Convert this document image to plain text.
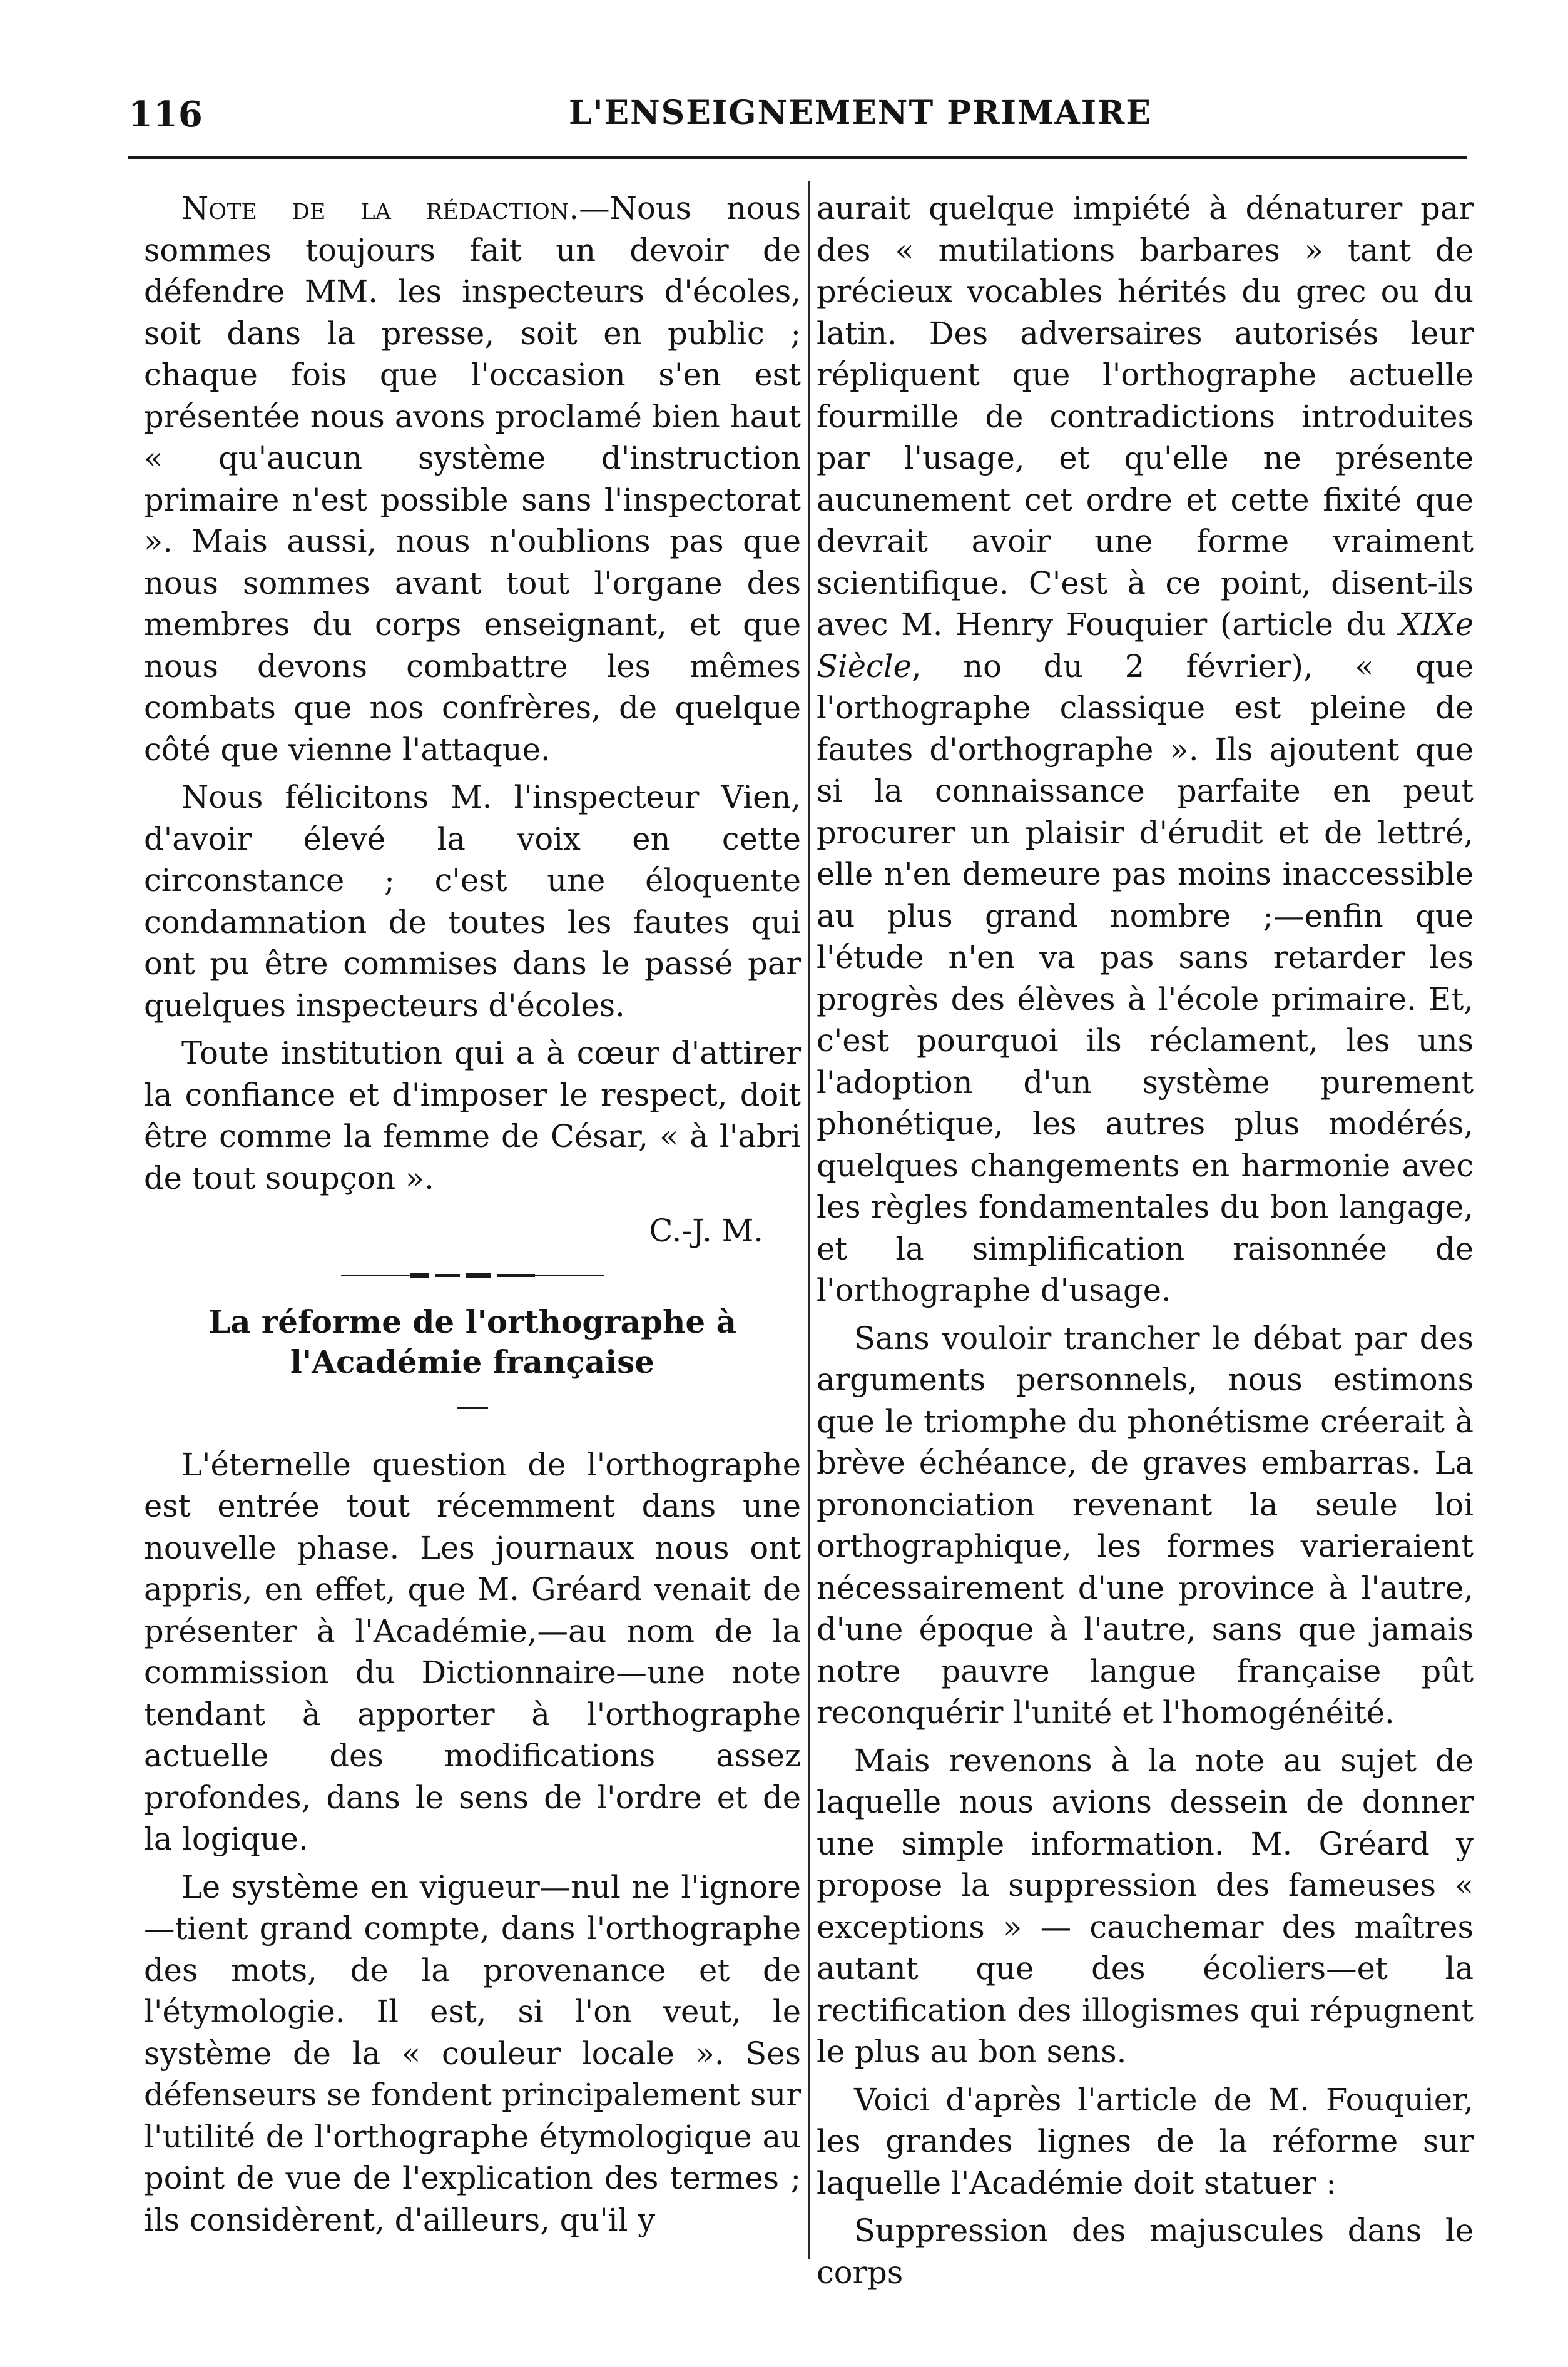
116	L'ENSEIGNEMENT PRIMAIRE

Note de la rédaction.—Nous nous sommes toujours fait un devoir de défendre MM. les inspecteurs d'écoles, soit dans la presse, soit en public ; chaque fois que l'occasion s'en est présentée nous avons proclamé bien haut « qu'aucun système d'instruction primaire n'est possible sans l'inspectorat ». Mais aussi, nous n'oublions pas que nous sommes avant tout l'organe des membres du corps enseignant, et que nous devons combattre les mêmes combats que nos confrères, de quelque côté que vienne l'attaque.

Nous félicitons M. l'inspecteur Vien, d'avoir élevé la voix en cette circonstance ; c'est une éloquente condamnation de toutes les fautes qui ont pu être commises dans le passé par quelques inspecteurs d'écoles.

Toute institution qui a à cœur d'attirer la confiance et d'imposer le respect, doit être comme la femme de César, « à l'abri de tout soupçon ».

C.-J. M.
La réforme de l'orthographe à l'Académie française

L'éternelle question de l'orthographe est entrée tout récemment dans une nouvelle phase. Les journaux nous ont appris, en effet, que M. Gréard venait de présenter à l'Académie,—au nom de la commission du Dictionnaire—une note tendant à apporter à l'orthographe actuelle des modifications assez profondes, dans le sens de l'ordre et de la logique.

Le système en vigueur—nul ne l'ignore—tient grand compte, dans l'orthographe des mots, de la provenance et de l'étymologie. Il est, si l'on veut, le système de la « couleur locale ». Ses défenseurs se fondent principalement sur l'utilité de l'orthographe étymologique au point de vue de l'explication des termes ; ils considèrent, d'ailleurs, qu'il y

aurait quelque impiété à dénaturer par des « mutilations barbares » tant de précieux vocables hérités du grec ou du latin. Des adversaires autorisés leur répliquent que l'orthographe actuelle fourmille de contradictions introduites par l'usage, et qu'elle ne présente aucunement cet ordre et cette fixité que devrait avoir une forme vraiment scientifique. C'est à ce point, disent-ils avec M. Henry Fouquier (article du XIXe Siècle, no du 2 février), « que l'orthographe classique est pleine de fautes d'orthographe ». Ils ajoutent que si la connaissance parfaite en peut procurer un plaisir d'érudit et de lettré, elle n'en demeure pas moins inaccessible au plus grand nombre ;—enfin que l'étude n'en va pas sans retarder les progrès des élèves à l'école primaire. Et, c'est pourquoi ils réclament, les uns l'adoption d'un système purement phonétique, les autres plus modérés, quelques changements en harmonie avec les règles fondamentales du bon langage, et la simplification raisonnée de l'orthographe d'usage.

Sans vouloir trancher le débat par des arguments personnels, nous estimons que le triomphe du phonétisme créerait à brève échéance, de graves embarras. La prononciation revenant la seule loi orthographique, les formes varieraient nécessairement d'une province à l'autre, d'une époque à l'autre, sans que jamais notre pauvre langue française pût reconquérir l'unité et l'homogénéité.

Mais revenons à la note au sujet de laquelle nous avions dessein de donner une simple information. M. Gréard y propose la suppression des fameuses « exceptions » — cauchemar des maîtres autant que des écoliers—et la rectification des illogismes qui répugnent le plus au bon sens.

Voici d'après l'article de M. Fouquier, les grandes lignes de la réforme sur laquelle l'Académie doit statuer :

Suppression des majuscules dans le corps
